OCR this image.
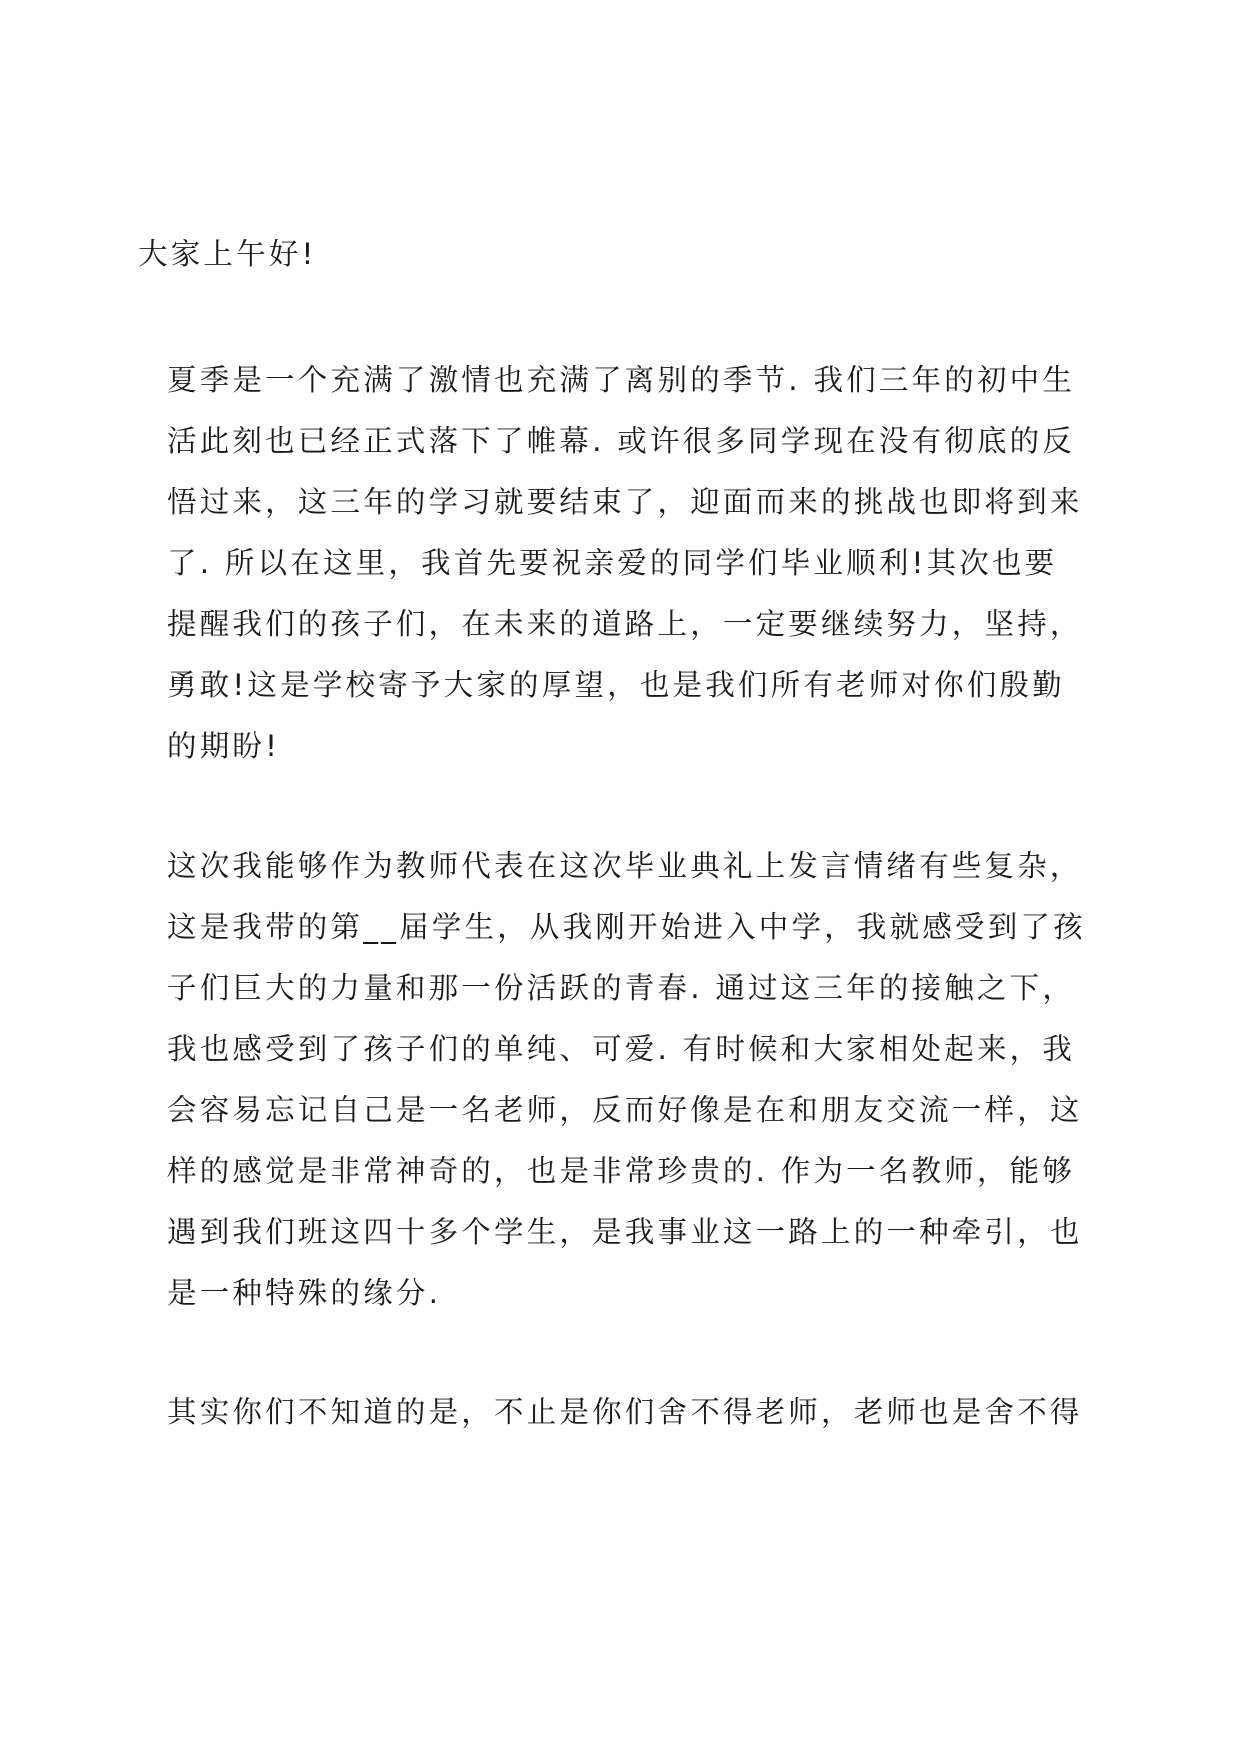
大家上午好!
夏季是一个充满了激情也充满了离别的季节. 我们三年的初中生
活此刻也已经正式落下了帷幕. 或许很多同学现在没有彻底的反
悟过来，这三年的学习就要结束了，迎面而来的挑战也即将到来
了. 所以在这里，我首先要祝亲爱的同学们毕业顺利!其次也要
提醒我们的孩子们，在未来的道路上，一定要继续努力，坚持，
勇敢!这是学校寄予大家的厚望，也是我们所有老师对你们殷勤
的期盼!
这次我能够作为教师代表在这次毕业典礼上发言情绪有些复杂，
这是我带的第__届学生，从我刚开始进入中学，我就感受到了孩
子们巨大的力量和那一份活跃的青春. 通过这三年的接触之下，
我也感受到了孩子们的单纯、可爱. 有时候和大家相处起来，我
会容易忘记自己是一名老师，反而好像是在和朋友交流一样，这
样的感觉是非常神奇的，也是非常珍贵的. 作为一名教师，能够
遇到我们班这四十多个学生，是我事业这一路上的一种牵引，也
是一种特殊的缘分.
其实你们不知道的是，不止是你们舍不得老师，老师也是舍不得
